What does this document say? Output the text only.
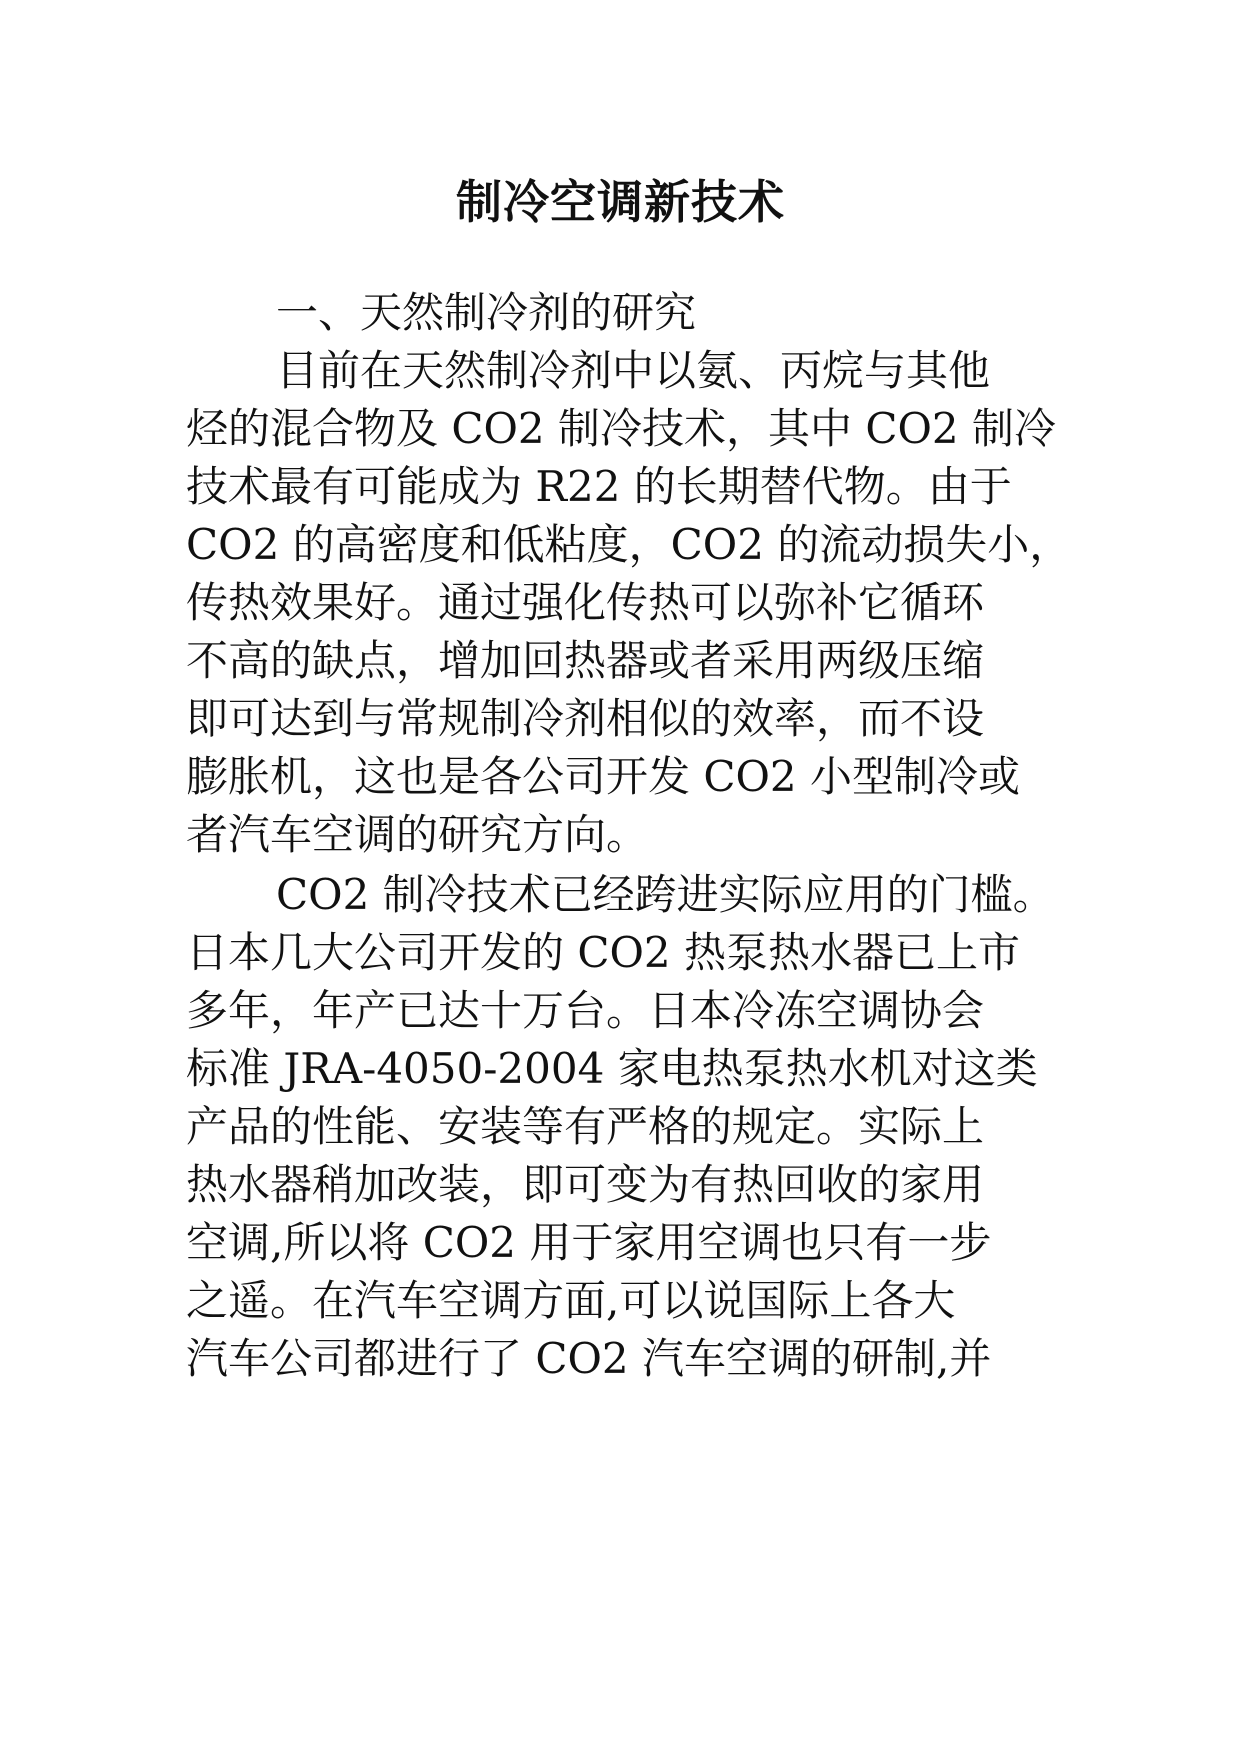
制冷空调新技术
一、天然制冷剂的研究
目前在天然制冷剂中以氨、丙烷与其他
烃的混合物及 CO2 制冷技术，其中 CO2 制冷
技术最有可能成为 R22 的长期替代物。由于
CO2 的高密度和低粘度，CO2 的流动损失小，
传热效果好。通过强化传热可以弥补它循环
不高的缺点，增加回热器或者采用两级压缩
即可达到与常规制冷剂相似的效率，而不设
膨胀机，这也是各公司开发 CO2 小型制冷或
者汽车空调的研究方向。
CO2 制冷技术已经跨进实际应用的门槛。
日本几大公司开发的 CO2 热泵热水器已上市
多年，年产已达十万台。日本冷冻空调协会
标准 JRA-4050-2004 家电热泵热水机对这类
产品的性能、安装等有严格的规定。实际上
热水器稍加改装，即可变为有热回收的家用
空调,所以将 CO2 用于家用空调也只有一步
之遥。在汽车空调方面,可以说国际上各大
汽车公司都进行了 CO2 汽车空调的研制,并
